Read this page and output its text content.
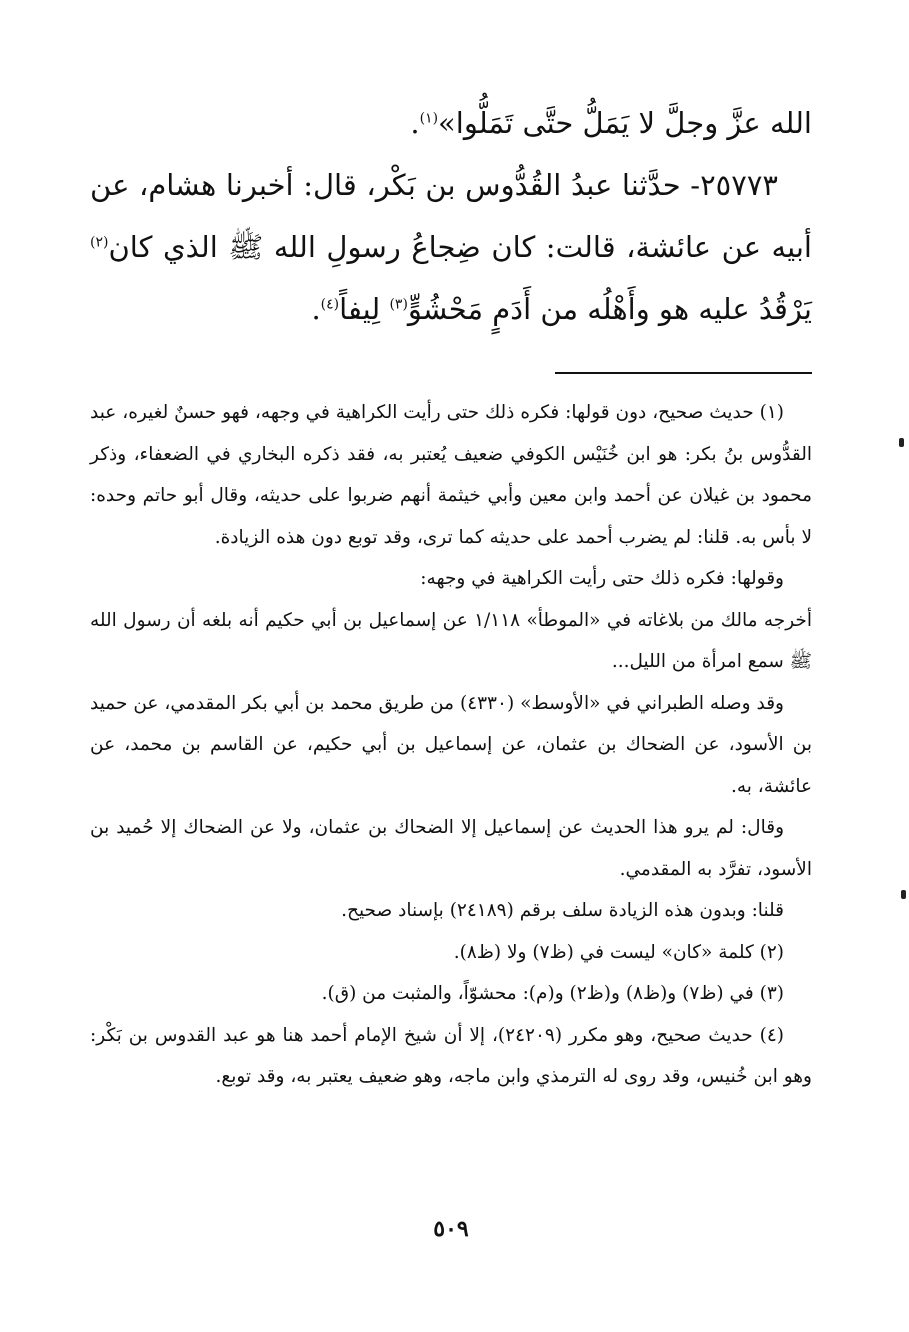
الله عزَّ وجلَّ لا يَمَلُّ حتَّى تَمَلُّوا»$^{(١)}$.

٢٥٧٧٣- حدَّثنا عبدُ القُدُّوس بن بَكْر، قال: أخبرنا هشام، عن أبيه عن عائشة، قالت: كان ضِجاعُ رسولِ الله ﷺ الذي كان$^{(٢)}$ يَرْقُدُ عليه هو وأَهْلُه من أَدَمٍ مَحْشُوٍّ$^{(٣)}$ لِيفاً$^{(٤)}$.

(١) حديث صحيح، دون قولها: فكره ذلك حتى رأيت الكراهية في وجهه، فهو حسنٌ لغيره، عبد القدُّوس بنُ بكر: هو ابن خُنَيْس الكوفي ضعيف يُعتبر به، فقد ذكره البخاري في الضعفاء، وذكر محمود بن غيلان عن أحمد وابن معين وأبي خيثمة أنهم ضربوا على حديثه، وقال أبو حاتم وحده: لا بأس به. قلنا: لم يضرب أحمد على حديثه كما ترى، وقد توبع دون هذه الزيادة.

وقولها: فكره ذلك حتى رأيت الكراهية في وجهه:

أخرجه مالك من بلاغاته في «الموطأ» ١/١١٨ عن إسماعيل بن أبي حكيم أنه بلغه أن رسول الله ﷺ سمع امرأة من الليل...

وقد وصله الطبراني في «الأوسط» (٤٣٣٠) من طريق محمد بن أبي بكر المقدمي، عن حميد بن الأسود، عن الضحاك بن عثمان، عن إسماعيل بن أبي حكيم، عن القاسم بن محمد، عن عائشة، به.

وقال: لم يرو هذا الحديث عن إسماعيل إلا الضحاك بن عثمان، ولا عن الضحاك إلا حُميد بن الأسود، تفرَّد به المقدمي.

قلنا: وبدون هذه الزيادة سلف برقم (٢٤١٨٩) بإسناد صحيح.

(٢) كلمة «كان» ليست في (ظ٧) ولا (ظ٨).

(٣) في (ظ٧) و(ظ٨) و(ظ٢) و(م): محشوّاً، والمثبت من (ق).

(٤) حديث صحيح، وهو مكرر (٢٤٢٠٩)، إلا أن شيخ الإمام أحمد هنا هو عبد القدوس بن بَكْر: وهو ابن خُنيس، وقد روى له الترمذي وابن ماجه، وهو ضعيف يعتبر به، وقد توبع.

٥٠٩
